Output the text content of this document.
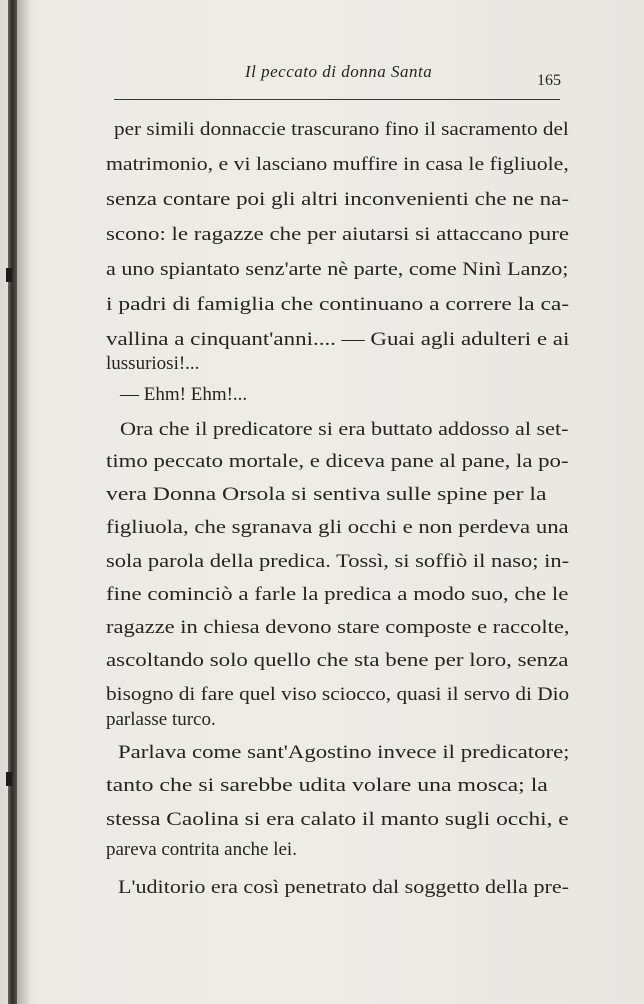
Il peccato di donna Santa	165
per simili donnaccie trascurano fino il sacramento del
matrimonio, e vi lasciano muffire in casa le figliuole,
senza contare poi gli altri inconvenienti che ne na-
scono: le ragazze che per aiutarsi si attaccano pure
a uno spiantato senz'arte nè parte, come Ninì Lanzo;
i padri di famiglia che continuano a correre la ca-
vallina a cinquant'anni.... — Guai agli adulteri e ai
lussuriosi!...
— Ehm! Ehm!...
Ora che il predicatore si era buttato addosso al set-
timo peccato mortale, e diceva pane al pane, la po-
vera Donna Orsola si sentiva sulle spine per la
figliuola, che sgranava gli occhi e non perdeva una
sola parola della predica. Tossì, si soffiò il naso; in-
fine cominciò a farle la predica a modo suo, che le
ragazze in chiesa devono stare composte e raccolte,
ascoltando solo quello che sta bene per loro, senza
bisogno di fare quel viso sciocco, quasi il servo di Dio
parlasse turco.
Parlava come sant'Agostino invece il predicatore;
tanto che si sarebbe udita volare una mosca; la
stessa Caolina si era calato il manto sugli occhi, e
pareva contrita anche lei.
L'uditorio era così penetrato dal soggetto della pre-
